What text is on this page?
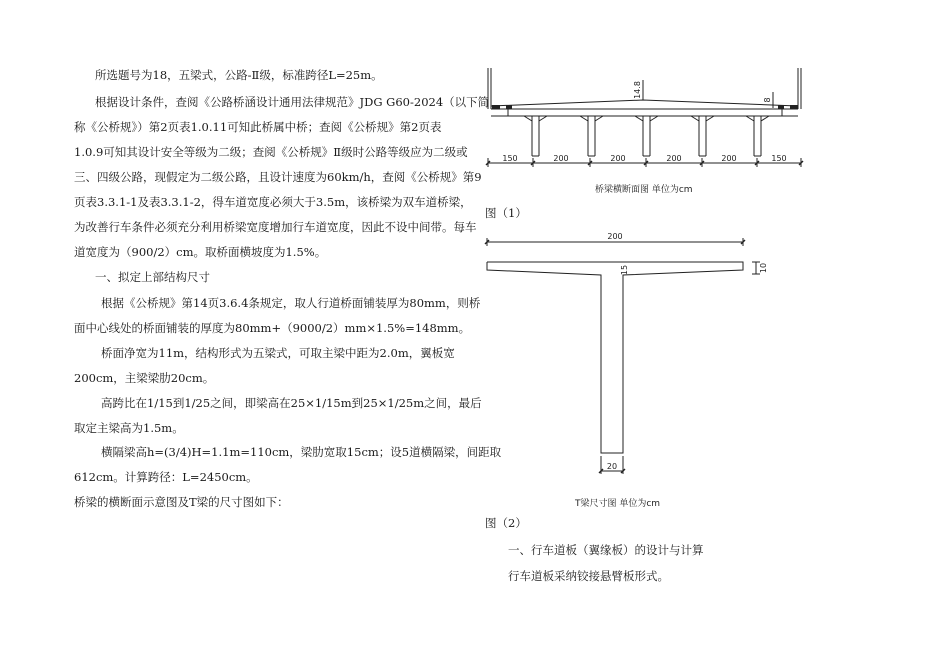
所选题号为18，五梁式，公路-Ⅱ级，标准跨径L=25m。
根据设计条件，查阅《公路桥涵设计通用法律规范》JDG G60-2024（以下简
称《公桥规》）第2页表1.0.11可知此桥属中桥；查阅《公桥规》第2页表
1.0.9可知其设计安全等级为二级；查阅《公桥规》Ⅱ级时公路等级应为二级或
三、四级公路，现假定为二级公路，且设计速度为60km/h，查阅《公桥规》第9
页表3.3.1-1及表3.3.1-2，得车道宽度必须大于3.5m，该桥梁为双车道桥梁，
为改善行车条件必须充分利用桥梁宽度增加行车道宽度，因此不设中间带。每车
道宽度为（900/2）cm。取桥面横坡度为1.5%。
一、拟定上部结构尺寸
根据《公桥规》第14页3.6.4条规定，取人行道桥面铺装厚为80mm，则桥
面中心线处的桥面铺装的厚度为80mm+（9000/2）mm×1.5%=148mm。
桥面净宽为11m，结构形式为五梁式，可取主梁中距为2.0m，翼板宽
200cm，主梁梁肋20cm。
高跨比在1/15到1/25之间，即梁高在25×1/15m到25×1/25m之间，最后
取定主梁高为1.5m。
横隔梁高h=(3/4)H=1.1m=110cm，梁肋宽取15cm；设5道横隔梁，间距取
612cm。计算跨径：L=2450cm。
桥梁的横断面示意图及T梁的尺寸图如下：
150	200	200	200	200	150
14.8
8
桥梁横断面图 单位为cm
图（1）
200
10
15
20
T梁尺寸图 单位为cm
图（2）
一、行车道板（翼缘板）的设计与计算
行车道板采纳铰接悬臂板形式。
